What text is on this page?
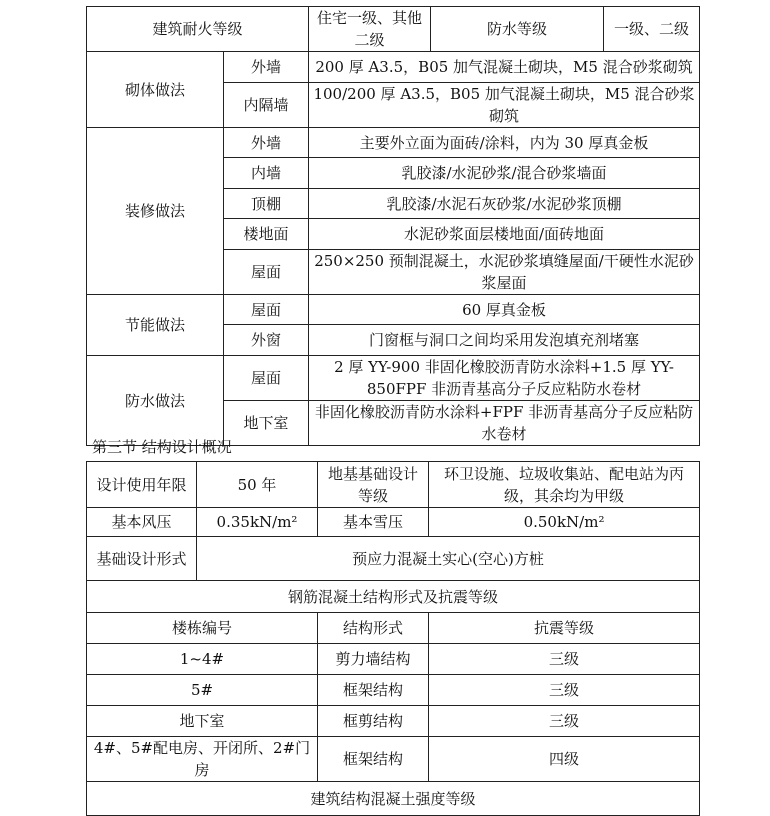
建筑耐火等级		住宅一级、其他二级	防水等级	一级、二级
砌体做法	外墙	200 厚 A3.5，B05 加气混凝土砌块，M5 混合砂浆砌筑		
	内隔墙	100/200 厚 A3.5，B05 加气混凝土砌块，M5 混合砂浆砌筑		
装修做法	外墙	主要外立面为面砖/涂料，内为 30 厚真金板		
	内墙	乳胶漆/水泥砂浆/混合砂浆墙面		
	顶棚	乳胶漆/水泥石灰砂浆/水泥砂浆顶棚		
	楼地面	水泥砂浆面层楼地面/面砖地面		
	屋面	250×250 预制混凝土，水泥砂浆填缝屋面/干硬性水泥砂浆屋面		
节能做法	屋面	60 厚真金板		
	外窗	门窗框与洞口之间均采用发泡填充剂堵塞		
防水做法	屋面	2 厚 YY-900 非固化橡胶沥青防水涂料+1.5 厚 YY-850FPF 非沥青基高分子反应粘防水卷材		
	地下室	非固化橡胶沥青防水涂料+FPF 非沥青基高分子反应粘防水卷材		
第三节 结构设计概况
设计使用年限	50 年	地基基础设计等级	环卫设施、垃圾收集站、配电站为丙级，其余均为甲级
基本风压	0.35kN/m²	基本雪压	0.50kN/m²
基础设计形式	预应力混凝土实心(空心)方桩		
钢筋混凝土结构形式及抗震等级			
楼栋编号		结构形式	抗震等级
1~4#		剪力墙结构	三级
5#		框架结构	三级
地下室		框剪结构	三级
4#、5#配电房、开闭所、2#门房		框架结构	四级
建筑结构混凝土强度等级			
